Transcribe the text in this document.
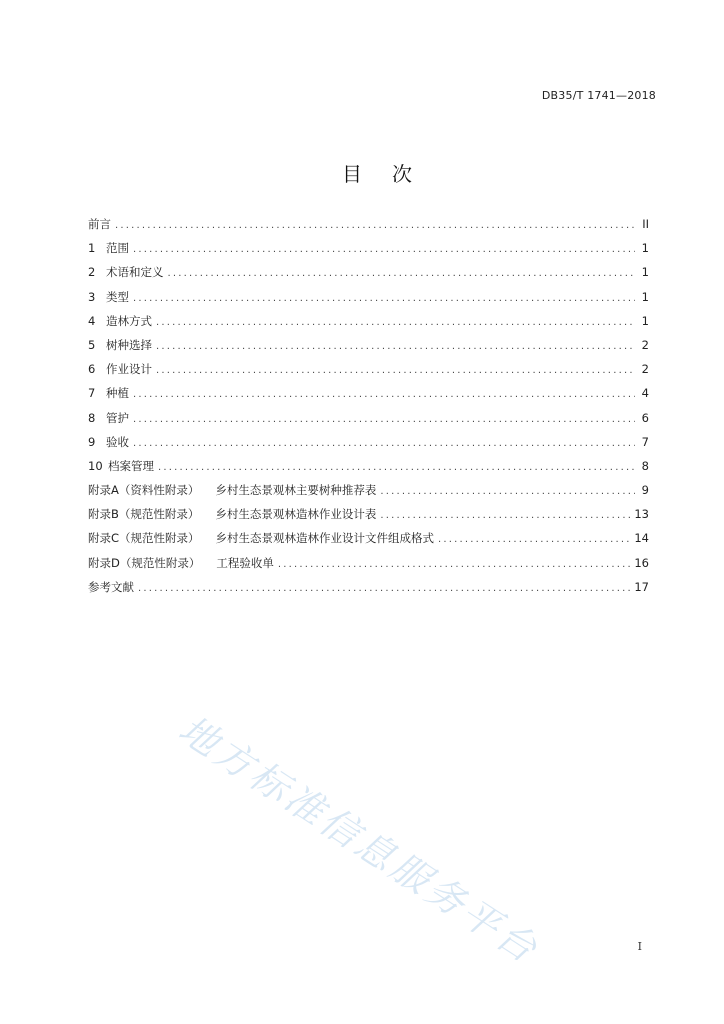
DB35/T 1741—2018
目次
前言 .....	II
1 范围 .....	1
2 术语和定义 .....	1
3 类型 .....	1
4 造林方式 .....	1
5 树种选择 .....	2
6 作业设计 .....	2
7 种植 .....	4
8 管护 .....	6
9 验收 .....	7
10 档案管理 .....	8
附录A（资料性附录） 乡村生态景观林主要树种推荐表 .....	9
附录B（规范性附录） 乡村生态景观林造林作业设计表 .....	13
附录C（规范性附录） 乡村生态景观林造林作业设计文件组成格式 .....	14
附录D（规范性附录） 工程验收单 .....	16
参考文献 .....	17
地方标准信息服务平台	I
